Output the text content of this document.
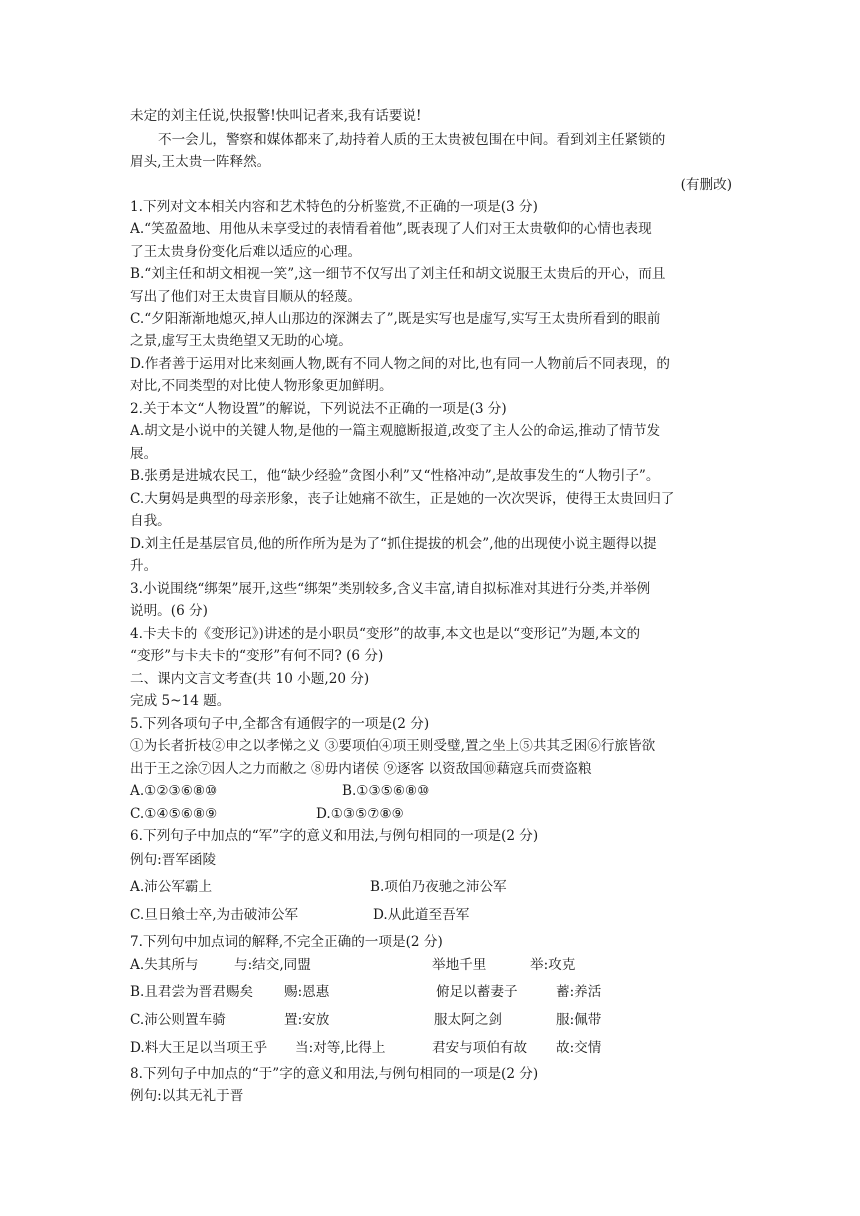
未定的刘主任说,快报警!快叫记者来,我有话要说!
不一会儿，警察和媒体都来了,劫持着人质的王太贵被包围在中间。看到刘主任紧锁的
眉头,王太贵一阵释然。
(有删改)
1.下列对文本相关内容和艺术特色的分析鉴赏,不正确的一项是(3 分)
A.“笑盈盈地、用他从未享受过的表情看着他”,既表现了人们对王太贵敬仰的心情也表现
了王太贵身份变化后难以适应的心理。
B.“刘主任和胡文相视一笑”,这一细节不仅写出了刘主任和胡文说服王太贵后的开心，而且
写出了他们对王太贵盲目顺从的轻蔑。
C.“夕阳渐渐地熄灭,掉人山那边的深渊去了”,既是实写也是虚写,实写王太贵所看到的眼前
之景,虚写王太贵绝望又无助的心境。
D.作者善于运用对比来刻画人物,既有不同人物之间的对比,也有同一人物前后不同表现，的
对比,不同类型的对比使人物形象更加鲜明。
2.关于本文“人物设置”的解说，下列说法不正确的一项是(3 分)
A.胡文是小说中的关键人物,是他的一篇主观臆断报道,改变了主人公的命运,推动了情节发
展。
B.张勇是进城农民工，他“缺少经验”贪图小利”又“性格冲动”,是故事发生的“人物引子”。
C.大舅妈是典型的母亲形象，丧子让她痛不欲生，正是她的一次次哭诉，使得王太贵回归了
自我。
D.刘主任是基层官员,他的所作所为是为了“抓住提拔的机会”,他的出现使小说主题得以提
升。
3.小说围绕“绑架”展开,这些“绑架”类别较多,含义丰富,请自拟标准对其进行分类,并举例
说明。(6 分)
4.卡夫卡的《变形记》)讲述的是小职员“变形”的故事,本文也是以“变形记”为题,本文的
“变形”与卡夫卡的“变形”有何不同? (6 分)
二、课内文言文考查(共 10 小题,20 分)
完成 5~14 题。
5.下列各项句子中,全都含有通假字的一项是(2 分)
①为长者折枝②申之以孝悌之义 ③要项伯④项王则受璧,置之坐上⑤共其乏困⑥行旅皆欲
出于王之涂⑦因人之力而敝之 ⑧毋内诸侯 ⑨逐客 以资敌国⑩藉寇兵而赍盗粮
A.①②③⑥⑧⑩	B.①③⑤⑥⑧⑩
C.①④⑤⑥⑧⑨	D.①③⑤⑦⑧⑨
6.下列句子中加点的“军”字的意义和用法,与例句相同的一项是(2 分)
例句:晋军函陵
A.沛公军霸上	B.项伯乃夜驰之沛公军
C.旦日飨士卒,为击破沛公军	D.从此道至吾军
7.下列句中加点词的解释,不完全正确的一项是(2 分)
A.失其所与	与:结交,同盟	举地千里	举:攻克
B.且君尝为晋君赐矣 赐:恩惠	俯足以蓄妻子	蓄:养活
C.沛公则置车骑	置:安放	服太阿之剑	服:佩带
D.料大王足以当项王乎 当:对等,比得上	君安与项伯有故 故:交情
8.下列句子中加点的“于”字的意义和用法,与例句相同的一项是(2 分)
例句:以其无礼于晋
